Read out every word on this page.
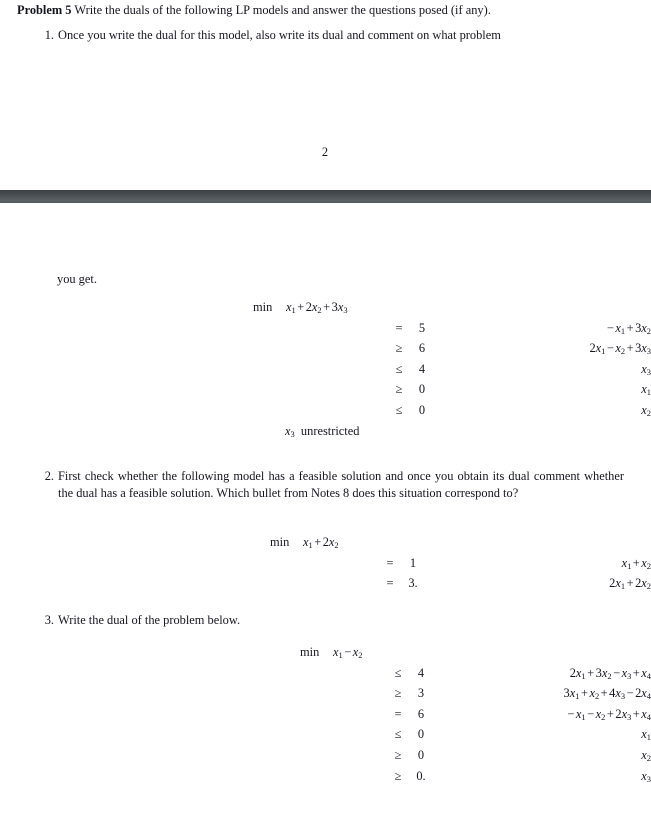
Problem 5 Write the duals of the following LP models and answer the questions posed (if any).
1. Once you write the dual for this model, also write its dual and comment on what problem
2
you get.
$\min x_1 + 2x_2 + 3x_3$
− $x_1 + 3x_2$
=	5
$2x_1 - x_2 + 3x_3$
≥	6
$x_3$
≤	4
$x_1$
≥	0
$x_2$
≤	0
$x_3$ unrestricted
2. First check whether the following model has a feasible solution and once you obtain its dual comment whether the dual has a feasible solution. Which bullet from Notes 8 does this situation correspond to?
$\min x_1 + 2x_2$
$x_1 + x_2$
=	1
$2x_1 + 2x_2$
=	3.
3. Write the dual of the problem below.
$\min x_1 - x_2$
$2x_1 + 3x_2 - x_3 + x_4$
≤	4
$3x_1 + x_2 + 4x_3 - 2x_4$
≥	3
− $x_1 - x_2 + 2x_3 + x_4$
=	6
$x_1$
≤	0
$x_2$
≥	0
$x_3$
≥	0.
